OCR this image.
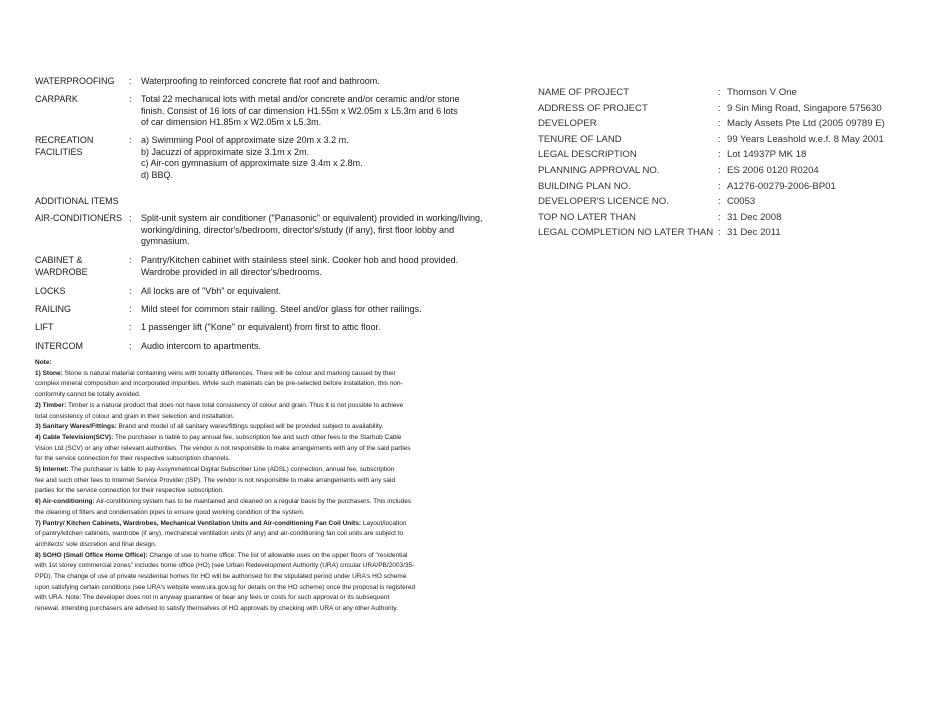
WATERPROOFING	: Waterproofing to reinforced concrete flat roof and bathroom.
CARPARK	: Total 22 mechanical lots with metal and/or concrete and/or ceramic and/or stone
finish. Consist of 16 lots of car dimension H1.55m x W2.05m x L5.3m and 6 lots
of car dimension H1.85m x W2.05m x L5.3m.
RECREATION
FACILITIES
: a) Swimming Pool of approximate size 20m x 3.2 m.
b) Jacuzzi of approximate size 3.1m x 2m.
c) Air-con gymnasium of approximate size 3.4m x 2.8m.
d) BBQ.
ADDITIONAL ITEMS
AIR-CONDITIONERS : Split-unit system air conditioner ("Panasonic" or equivalent) provided in working/living,
working/dining, director's/bedroom, director's/study (if any), first floor lobby and
gymnasium.
CABINET &
WARDROBE
: Pantry/Kitchen cabinet with stainless steel sink. Cooker hob and hood provided.
Wardrobe provided in all director's/bedrooms.
LOCKS	: All locks are of "Vbh" or equivalent.
RAILING	: Mild steel for common stair railing. Steel and/or glass for other railings.
LIFT	: 1 passenger lift ("Kone" or equivalent) from first to attic floor.
INTERCOM	: Audio intercom to apartments.
Note:
1) Stone: Stone is natural material containing veins with tonality differences. There will be colour and marking caused by their
complex mineral composition and incorporated impurities. While such materials can be pre-selected before installation, this non-
conformity cannot be totally avoided.
2) Timber: Timber is a natural product that does not have total consistency of colour and grain. Thus it is not possible to achieve
total consistency of colour and grain in their selection and installation.
3) Sanitary Wares/Fittings: Brand and model of all sanitary wares/fittings supplied will be provided subject to availability.
4) Cable Television(SCV): The purchaser is liable to pay annual fee, subscription fee and such other fees to the Starhub Cable
Vision Ltd (SCV) or any other relevant authorities. The vendor is not responsible to make arrangements with any of the said parties
for the service connection for their respective subscription channels.
5) Internet: The purchaser is liable to pay Assymmetrical Digital Subscriber Line (ADSL) connection, annual fee, subscription
fee and such other fees to Internet Service Provider (ISP). The vendor is not responsible to make arrangements with any said
parties for the service connection for their respective subscription.
6) Air-conditioning: Air-conditioning system has to be maintained and cleaned on a regular basis by the purchasers. This includes
the cleaning of filters and condensation pipes to ensure good working condition of the system.
7) Pantry/ Kitchen Cabinets, Wardrobes, Mechanical Ventilation Units and Air-conditioning Fan Coil Units: Layout/location
of pantry/kitchen cabinets, wardrobe (if any), mechanical ventilation units (if any) and air-conditioning fan coil units are subject to
architects' sole discretion and final design.
8) SOHO (Small Office Home Office): Change of use to home office: The list of allowable uses on the upper floors of "residential
with 1st storey commercial zones" includes home office (HO) (see Urban Redevelopment Authority (URA) circular URA/PB/2003/35-
PPD). The change of use of private residential homes for HO will be authorised for the stipulated period under URA's HO scheme
upon satisfying certain conditions (see URA's website www.ura.gov.sg for details on the HO scheme) once the proposal is registered
with URA. Note: The developer does not in anyway guarantee or bear any fees or costs for such approval or its subsequent
renewal. Intending purchasers are advised to satisfy themselves of HO approvals by checking with URA or any other Authority.
NAME OF PROJECT	: Thomson V One
ADDRESS OF PROJECT	: 9 Sin Ming Road, Singapore 575630
DEVELOPER	: Macly Assets Pte Ltd (2005 09789 E)
TENURE OF LAND	: 99 Years Leashold w.e.f. 8 May 2001
LEGAL DESCRIPTION	: Lot 14937P MK 18
PLANNING APPROVAL NO.	: ES 2006 0120 R0204
BUILDING PLAN NO.	: A1276-00279-2006-BP01
DEVELOPER'S LICENCE NO.	: C0053
TOP NO LATER THAN	: 31 Dec 2008
LEGAL COMPLETION NO LATER THAN : 31 Dec 2011
